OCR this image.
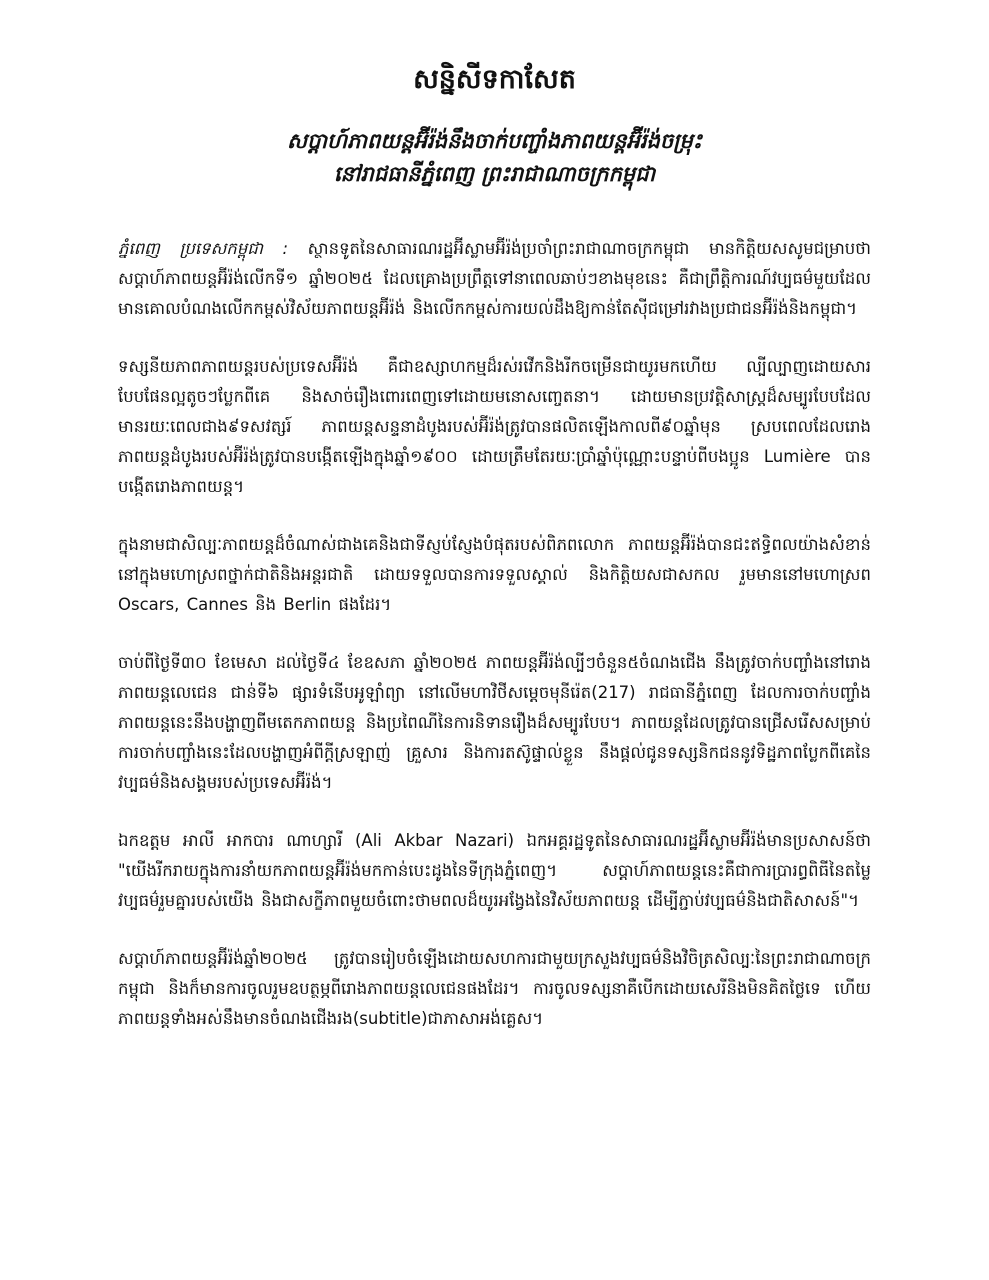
សន្និសីទកាសែត
សប្តាហ៍ភាពយន្តអ៊ីរ៉ង់នឹងចាក់បញ្ចាំងភាពយន្តអ៊ីរ៉ង់ចម្រុះ
នៅរាជធានីភ្នំពេញ ព្រះរាជាណាចក្រកម្ពុជា

ភ្នំពេញ ប្រទេសកម្ពុជា : ស្ថានទូតនៃសាធារណរដ្ឋអ៊ីស្លាមអ៊ីរ៉ង់ប្រចាំព្រះរាជាណាចក្រកម្ពុជា មានកិត្តិយសសូមជម្រាបថា សប្តាហ៍ភាពយន្តអ៊ីរ៉ង់លើកទី១ ឆ្នាំ២០២៥ ដែលគ្រោងប្រព្រឹត្តទៅនាពេលឆាប់ៗខាងមុខនេះ គឺជាព្រឹត្តិការណ៍វប្បធម៌មួយដែលមានគោលបំណងលើកកម្ពស់វិស័យភាពយន្តអ៊ីរ៉ង់ និងលើកកម្ពស់ការយល់ដឹងឱ្យកាន់តែស៊ីជម្រៅរវាងប្រជាជនអ៊ីរ៉ង់និងកម្ពុជា។

ទស្សនីយភាពភាពយន្តរបស់ប្រទេសអ៊ីរ៉ង់ គឺជាឧស្សាហកម្មដ៏រស់រវើកនិងរីកចម្រើនជាយូរមកហើយ ល្បីល្បាញដោយសារបែបផែនល្អតូចៗប្លែកពីគេ និងសាច់រឿងពោរពេញទៅដោយមនោសញ្ចេតនា។ ដោយមានប្រវត្តិសាស្ត្រដ៏សម្បូរបែបដែលមានរយៈពេលជាង៩ទសវត្សរ៍ ភាពយន្តសន្ទនាដំបូងរបស់អ៊ីរ៉ង់ត្រូវបានផលិតឡើងកាលពី៩០ឆ្នាំមុន ស្របពេលដែលរោងភាពយន្តដំបូងរបស់អ៊ីរ៉ង់ត្រូវបានបង្កើតឡើងក្នុងឆ្នាំ១៩០០ ដោយត្រឹមតែរយៈប្រាំឆ្នាំប៉ុណ្ណោះបន្ទាប់ពីបងប្អូន Lumière បានបង្កើតរោងភាពយន្ត។

ក្នុងនាមជាសិល្បៈភាពយន្តដ៏ចំណាស់ជាងគេនិងជាទីស្ញប់ស្ញែងបំផុតរបស់ពិភពលោក ភាពយន្តអ៊ីរ៉ង់បានជះឥទ្ធិពលយ៉ាងសំខាន់នៅក្នុងមហោស្រពថ្នាក់ជាតិនិងអន្តរជាតិ ដោយទទួលបានការទទួលស្គាល់ និងកិត្តិយសជាសកល រួមមាននៅមហោស្រព Oscars, Cannes និង Berlin ផងដែរ។

ចាប់ពីថ្ងៃទី៣០ ខែមេសា ដល់ថ្ងៃទី៤ ខែឧសភា ឆ្នាំ២០២៥ ភាពយន្តអ៊ីរ៉ង់ល្បីៗចំនួន៥ចំណងជើង នឹងត្រូវចាក់បញ្ចាំងនៅរោងភាពយន្តលេជេន ជាន់ទី៦ ផ្សារទំនើបអូឡាំព្យា នៅលើមហាវិថីសម្តេចមុនីរ៉េត(217) រាជធានីភ្នំពេញ ដែលការចាក់បញ្ចាំងភាពយន្តនេះនឹងបង្ហាញពីមតេកភាពយន្ត និងប្រពៃណីនៃការនិទានរឿងដ៏សម្បូរបែប។ ភាពយន្តដែលត្រូវបានជ្រើសរើសសម្រាប់ការចាក់បញ្ចាំងនេះដែលបង្ហាញអំពីក្តីស្រឡាញ់ គ្រួសារ និងការតស៊ូផ្ទាល់ខ្លួន នឹងផ្តល់ជូនទស្សនិកជននូវទិដ្ឋភាពប្លែកពីគេនៃវប្បធម៌និងសង្គមរបស់ប្រទេសអ៊ីរ៉ង់។

ឯកឧត្តម អាលី អាកបារ ណាហ្សារី (Ali Akbar Nazari) ឯកអគ្គរដ្ឋទូតនៃសាធារណរដ្ឋអ៊ីស្លាមអ៊ីរ៉ង់មានប្រសាសន៍ថា "យើងរីករាយក្នុងការនាំយកភាពយន្តអ៊ីរ៉ង់មកកាន់បេះដូងនៃទីក្រុងភ្នំពេញ។ សប្តាហ៍ភាពយន្តនេះគឺជាការប្រារព្ធពិធីនៃតម្លៃវប្បធម៌រួមគ្នារបស់យើង និងជាសក្ខីភាពមួយចំពោះថាមពលដ៏យូរអង្វែងនៃវិស័យភាពយន្ត ដើម្បីភ្ជាប់វប្បធម៌និងជាតិសាសន៍"។

សប្តាហ៍ភាពយន្តអ៊ីរ៉ង់ឆ្នាំ២០២៥ ត្រូវបានរៀបចំឡើងដោយសហការជាមួយក្រសួងវប្បធម៌និងវិចិត្រសិល្បៈនៃព្រះរាជាណាចក្រកម្ពុជា និងក៏មានការចូលរួមឧបត្ថម្ភពីរោងភាពយន្តលេជេនផងដែរ។ ការចូលទស្សនាគឺបើកដោយសេរីនិងមិនគិតថ្លៃទេ ហើយភាពយន្តទាំងអស់នឹងមានចំណងជើងរង(subtitle)ជាភាសាអង់គ្លេស។
